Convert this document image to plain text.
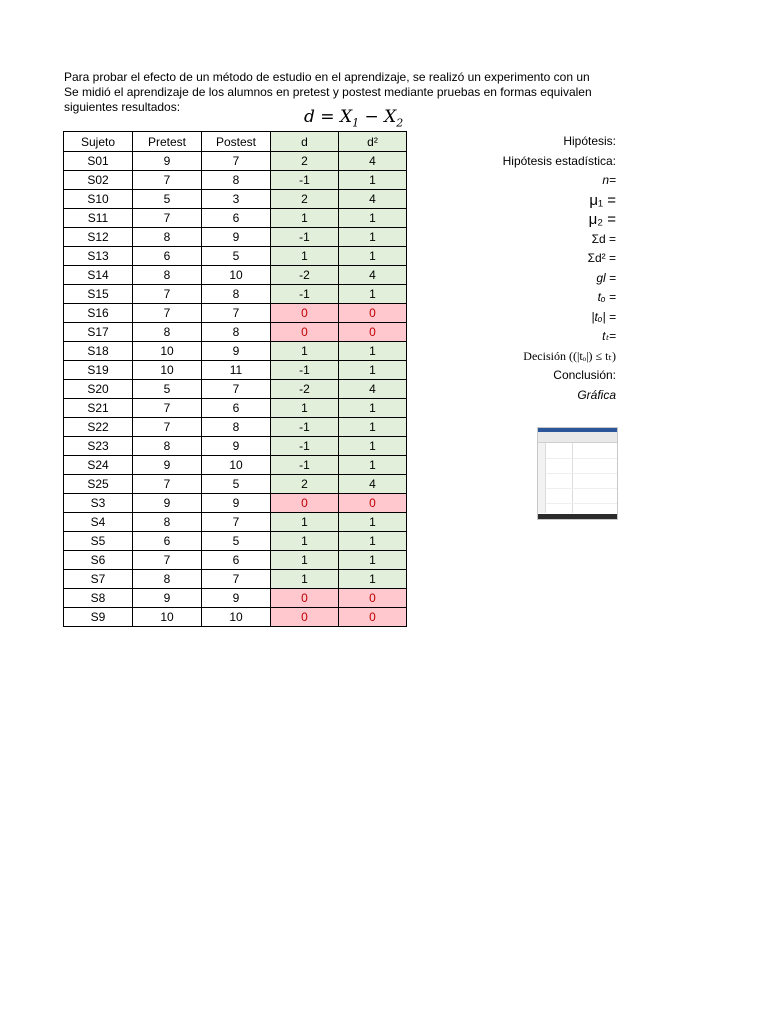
Para probar el efecto de un método de estudio en el aprendizaje, se realizó un experimento con un
Se midió el aprendizaje de los alumnos en pretest y postest mediante pruebas en formas equivalen
siguientes resultados:	$d = X_1 - X_2$
Sujeto	Pretest	Postest	d	d²
S01	9	7	2	4
S02	7	8	-1	1
S10	5	3	2	4
S11	7	6	1	1
S12	8	9	-1	1
S13	6	5	1	1
S14	8	10	-2	4
S15	7	8	-1	1
S16	7	7	0	0
S17	8	8	0	0
S18	10	9	1	1
S19	10	11	-1	1
S20	5	7	-2	4
S21	7	6	1	1
S22	7	8	-1	1
S23	8	9	-1	1
S24	9	10	-1	1
S25	7	5	2	4
S3	9	9	0	0
S4	8	7	1	1
S5	6	5	1	1
S6	7	6	1	1
S7	8	7	1	1
S8	9	9	0	0
S9	10	10	0	0
Hipótesis:
Hipótesis estadística:
n=
μ₁ =
μ₂ =
Σd =
Σd² =
gl =
tₒ =
|tₒ| =
tₜ=
Decisión ((|tₒ|) ≤ tₜ)
Conclusión:
Gráfica
